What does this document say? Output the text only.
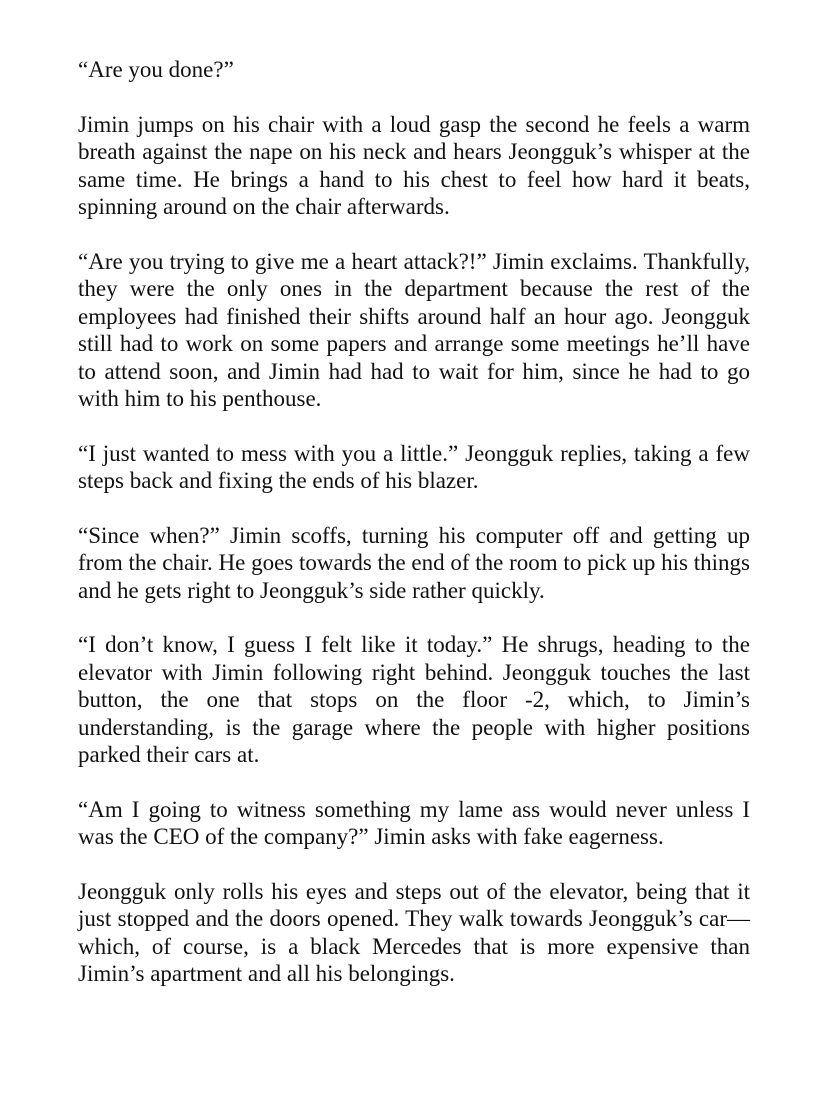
“Are you done?”

Jimin jumps on his chair with a loud gasp the second he feels a warm breath against the nape on his neck and hears Jeongguk’s whisper at the same time. He brings a hand to his chest to feel how hard it beats, spinning around on the chair afterwards.

“Are you trying to give me a heart attack?!” Jimin exclaims. Thankfully, they were the only ones in the department because the rest of the employees had finished their shifts around half an hour ago. Jeongguk still had to work on some papers and arrange some meetings he’ll have to attend soon, and Jimin had had to wait for him, since he had to go with him to his penthouse.

“I just wanted to mess with you a little.” Jeongguk replies, taking a few steps back and fixing the ends of his blazer.

“Since when?” Jimin scoffs, turning his computer off and getting up from the chair. He goes towards the end of the room to pick up his things and he gets right to Jeongguk’s side rather quickly.

“I don’t know, I guess I felt like it today.” He shrugs, heading to the elevator with Jimin following right behind. Jeongguk touches the last button, the one that stops on the floor -2, which, to Jimin’s understanding, is the garage where the people with higher positions parked their cars at.

“Am I going to witness something my lame ass would never unless I was the CEO of the company?” Jimin asks with fake eagerness.

Jeongguk only rolls his eyes and steps out of the elevator, being that it just stopped and the doors opened. They walk towards Jeongguk’s car— which, of course, is a black Mercedes that is more expensive than Jimin’s apartment and all his belongings.
